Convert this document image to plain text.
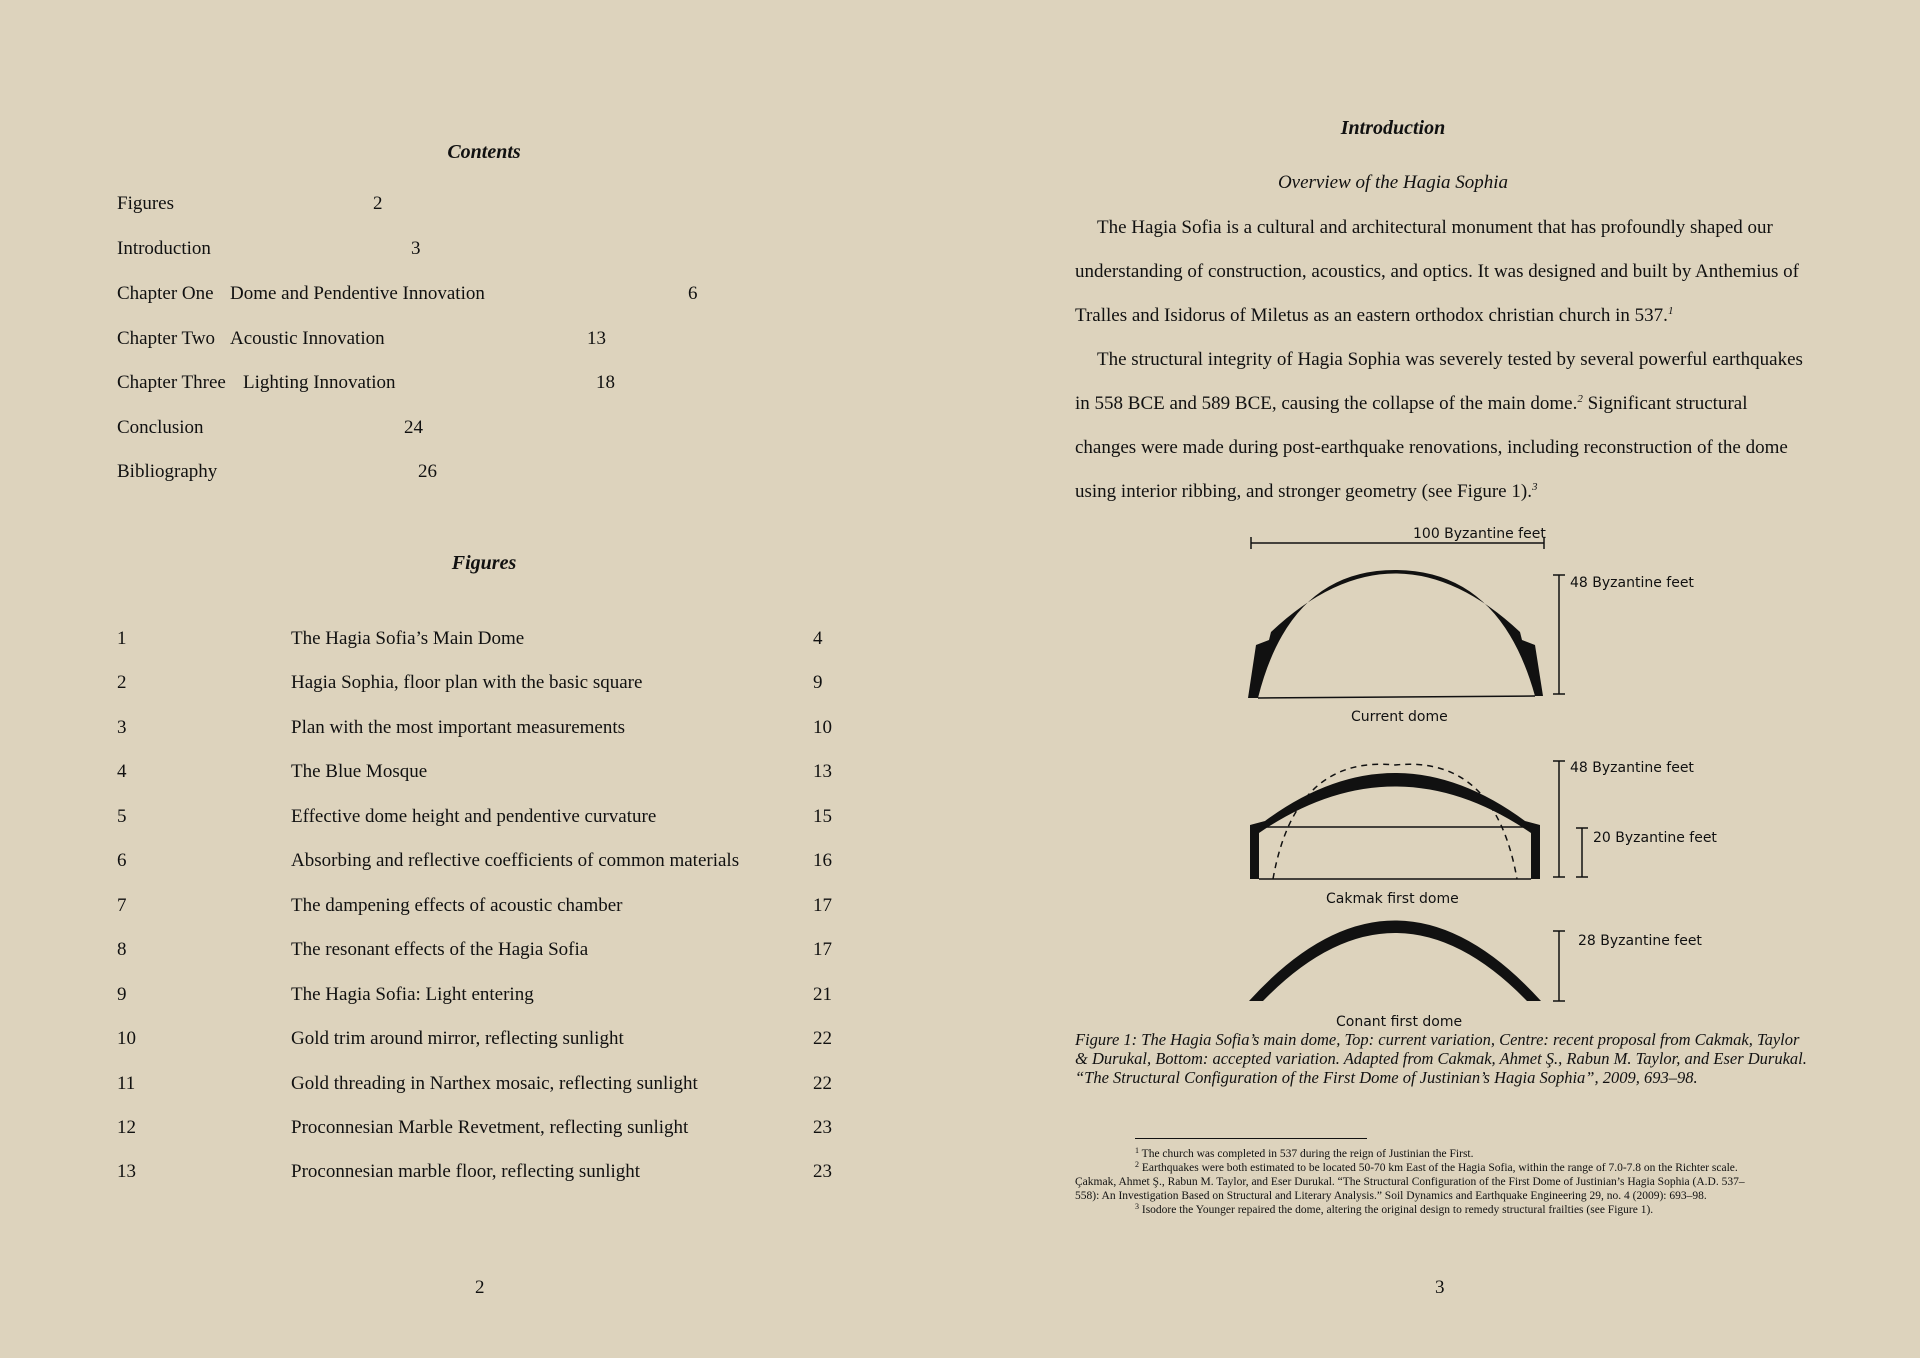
Contents
Figures	2
Introduction	3
Chapter One Dome and Pendentive Innovation	6
Chapter Two Acoustic Innovation	13
Chapter Three Lighting Innovation	18
Conclusion	24
Bibliography	26
Figures
1	The Hagia Sofia’s Main Dome	4
2	Hagia Sophia, floor plan with the basic square	9
3	Plan with the most important measurements	10
4	The Blue Mosque	13
5	Effective dome height and pendentive curvature	15
6	Absorbing and reflective coefficients of common materials	16
7	The dampening effects of acoustic chamber	17
8	The resonant effects of the Hagia Sofia	17
9	The Hagia Sofia: Light entering	21
10	Gold trim around mirror, reflecting sunlight	22
11	Gold threading in Narthex mosaic, reflecting sunlight	22
12	Proconnesian Marble Revetment, reflecting sunlight	23
13	Proconnesian marble floor, reflecting sunlight	23
2
Introduction
Overview of the Hagia Sophia

The Hagia Sofia is a cultural and architectural monument that has profoundly shaped our understanding of construction, acoustics, and optics. It was designed and built by Anthemius of Tralles and Isidorus of Miletus as an eastern orthodox christian church in 537.$^1$

The structural integrity of Hagia Sophia was severely tested by several powerful earthquakes in 558 BCE and 589 BCE, causing the collapse of the main dome.$^2$ Significant structural changes were made during post-earthquake renovations, including reconstruction of the dome using interior ribbing, and stronger geometry (see Figure 1).$^3$

100 Byzantine feet
48 Byzantine feet
Current dome
48 Byzantine feet
20 Byzantine feet
Cakmak first dome
28 Byzantine feet
Conant first dome
Figure 1: The Hagia Sofia’s main dome, Top: current variation, Centre: recent proposal from Cakmak, Taylor & Durukal, Bottom: accepted variation. Adapted from Cakmak, Ahmet Ş., Rabun M. Taylor, and Eser Durukal. “The Structural Configuration of the First Dome of Justinian’s Hagia Sophia”, 2009, 693–98.

$^1$ The church was completed in 537 during the reign of Justinian the First.

$^2$ Earthquakes were both estimated to be located 50-70 km East of the Hagia Sofia, within the range of 7.0-7.8 on the Richter scale. Çakmak, Ahmet Ş., Rabun M. Taylor, and Eser Durukal. “The Structural Configuration of the First Dome of Justinian’s Hagia Sophia (A.D. 537–558): An Investigation Based on Structural and Literary Analysis.” Soil Dynamics and Earthquake Engineering 29, no. 4 (2009): 693–98.

$^3$ Isodore the Younger repaired the dome, altering the original design to remedy structural frailties (see Figure 1).

3
